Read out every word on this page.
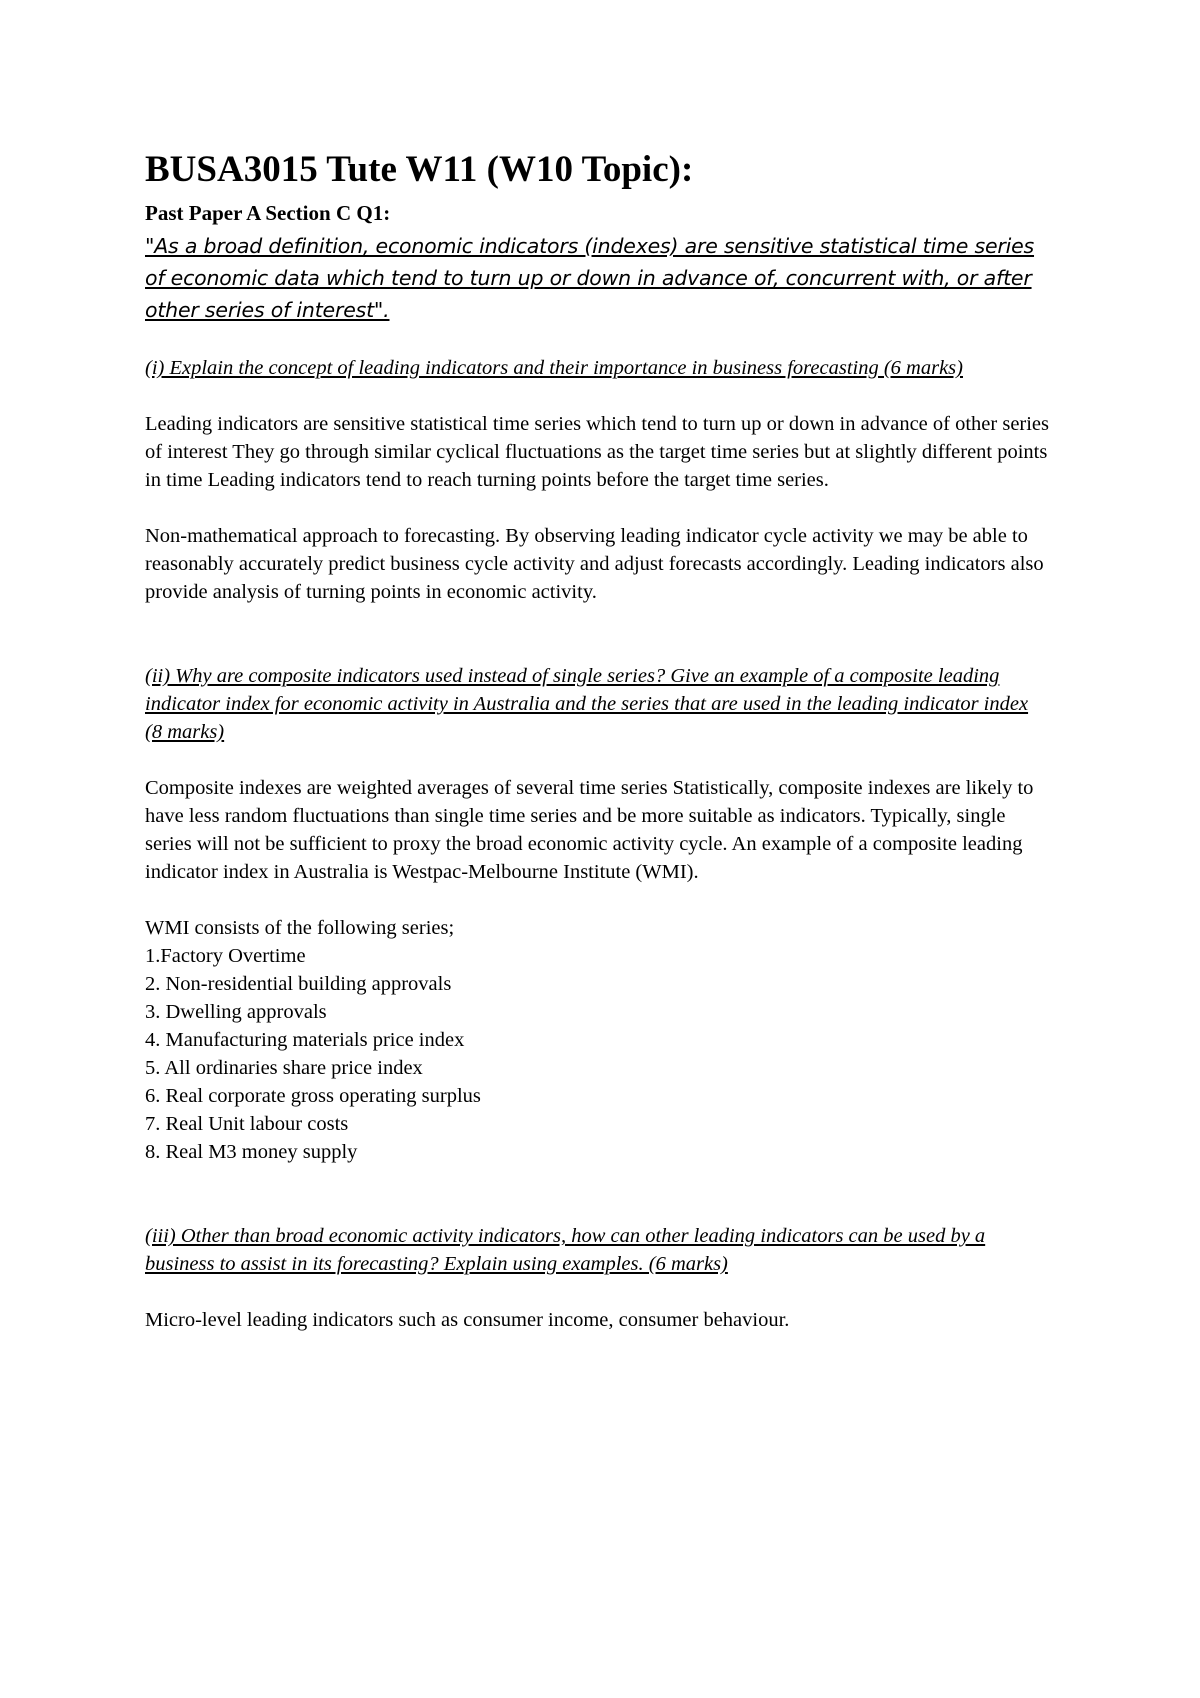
BUSA3015 Tute W11 (W10 Topic):
Past Paper A Section C Q1:
"As a broad definition, economic indicators (indexes) are sensitive statistical time series of economic data which tend to turn up or down in advance of, concurrent with, or after other series of interest".
(i) Explain the concept of leading indicators and their importance in business forecasting (6 marks)
Leading indicators are sensitive statistical time series which tend to turn up or down in advance of other series of interest They go through similar cyclical fluctuations as the target time series but at slightly different points in time Leading indicators tend to reach turning points before the target time series.
Non-mathematical approach to forecasting. By observing leading indicator cycle activity we may be able to reasonably accurately predict business cycle activity and adjust forecasts accordingly. Leading indicators also provide analysis of turning points in economic activity.
(ii) Why are composite indicators used instead of single series? Give an example of a composite leading indicator index for economic activity in Australia and the series that are used in the leading indicator index (8 marks)
Composite indexes are weighted averages of several time series Statistically, composite indexes are likely to have less random fluctuations than single time series and be more suitable as indicators. Typically, single series will not be sufficient to proxy the broad economic activity cycle. An example of a composite leading indicator index in Australia is Westpac-Melbourne Institute (WMI).
WMI consists of the following series;
1.Factory Overtime
2. Non-residential building approvals
3. Dwelling approvals
4. Manufacturing materials price index
5. All ordinaries share price index
6. Real corporate gross operating surplus
7. Real Unit labour costs
8. Real M3 money supply
(iii) Other than broad economic activity indicators, how can other leading indicators can be used by a business to assist in its forecasting? Explain using examples. (6 marks)
Micro-level leading indicators such as consumer income, consumer behaviour.
